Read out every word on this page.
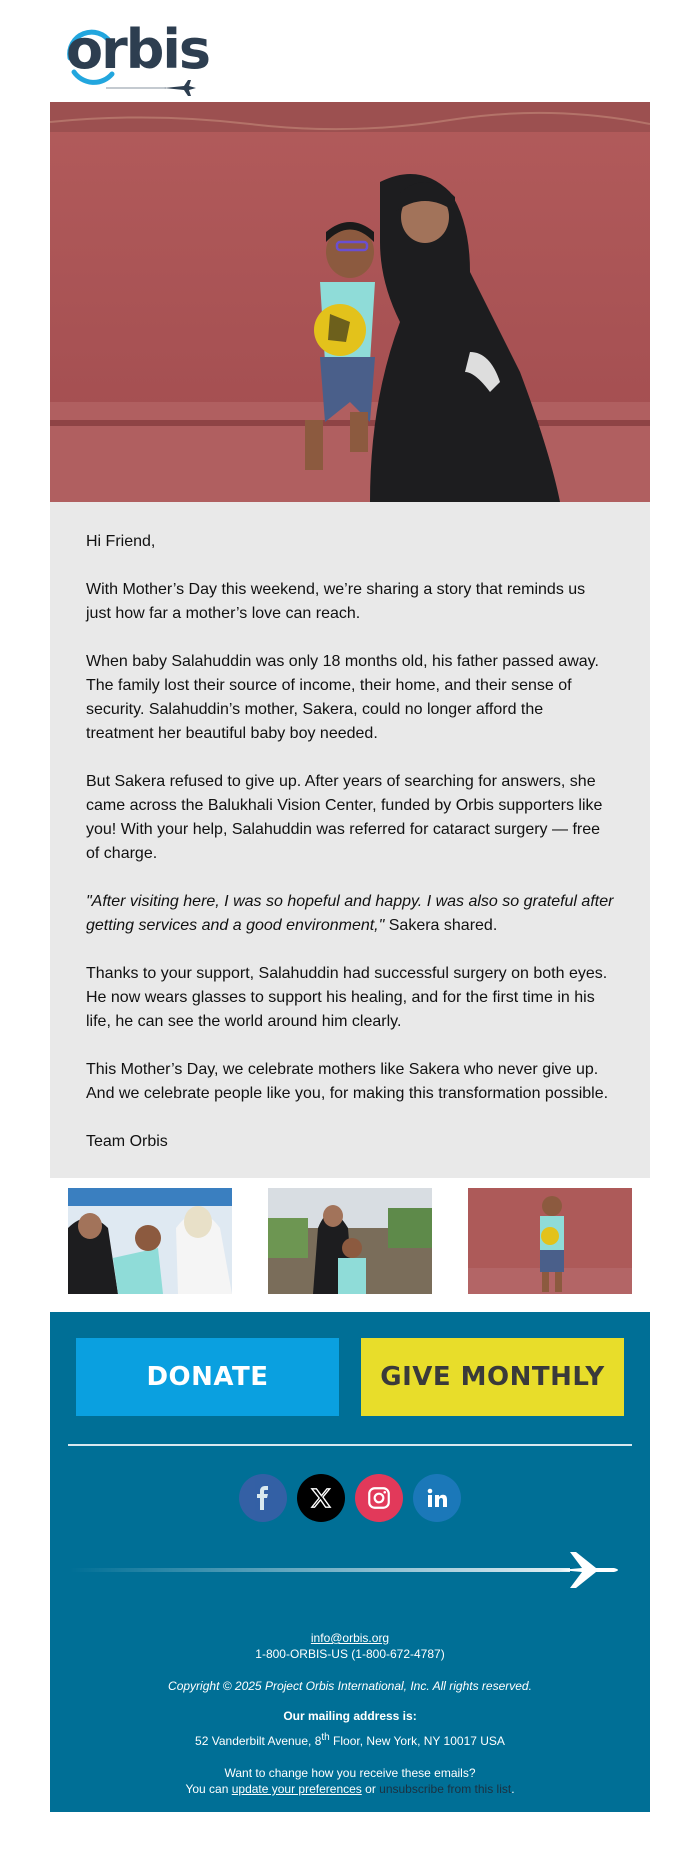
orbis

Hi Friend,

With Mother’s Day this weekend, we’re sharing a story that reminds us just how far a mother’s love can reach.

When baby Salahuddin was only 18 months old, his father passed away. The family lost their source of income, their home, and their sense of security. Salahuddin’s mother, Sakera, could no longer afford the treatment her beautiful baby boy needed.

But Sakera refused to give up. After years of searching for answers, she came across the Balukhali Vision Center, funded by Orbis supporters like you! With your help, Salahuddin was referred for cataract surgery — free of charge.

"After visiting here, I was so hopeful and happy. I was also so grateful after getting services and a good environment," Sakera shared.

Thanks to your support, Salahuddin had successful surgery on both eyes. He now wears glasses to support his healing, and for the first time in his life, he can see the world around him clearly.

This Mother’s Day, we celebrate mothers like Sakera who never give up. And we celebrate people like you, for making this transformation possible.

Team Orbis

DONATE	GIVE MONTHLY
info@orbis.org
1-800-ORBIS-US (1-800-672-4787)
Copyright © 2025 Project Orbis International, Inc. All rights reserved.
Our mailing address is:
52 Vanderbilt Avenue, 8th Floor, New York, NY 10017 USA
Want to change how you receive these emails?
You can update your preferences or unsubscribe from this list.
